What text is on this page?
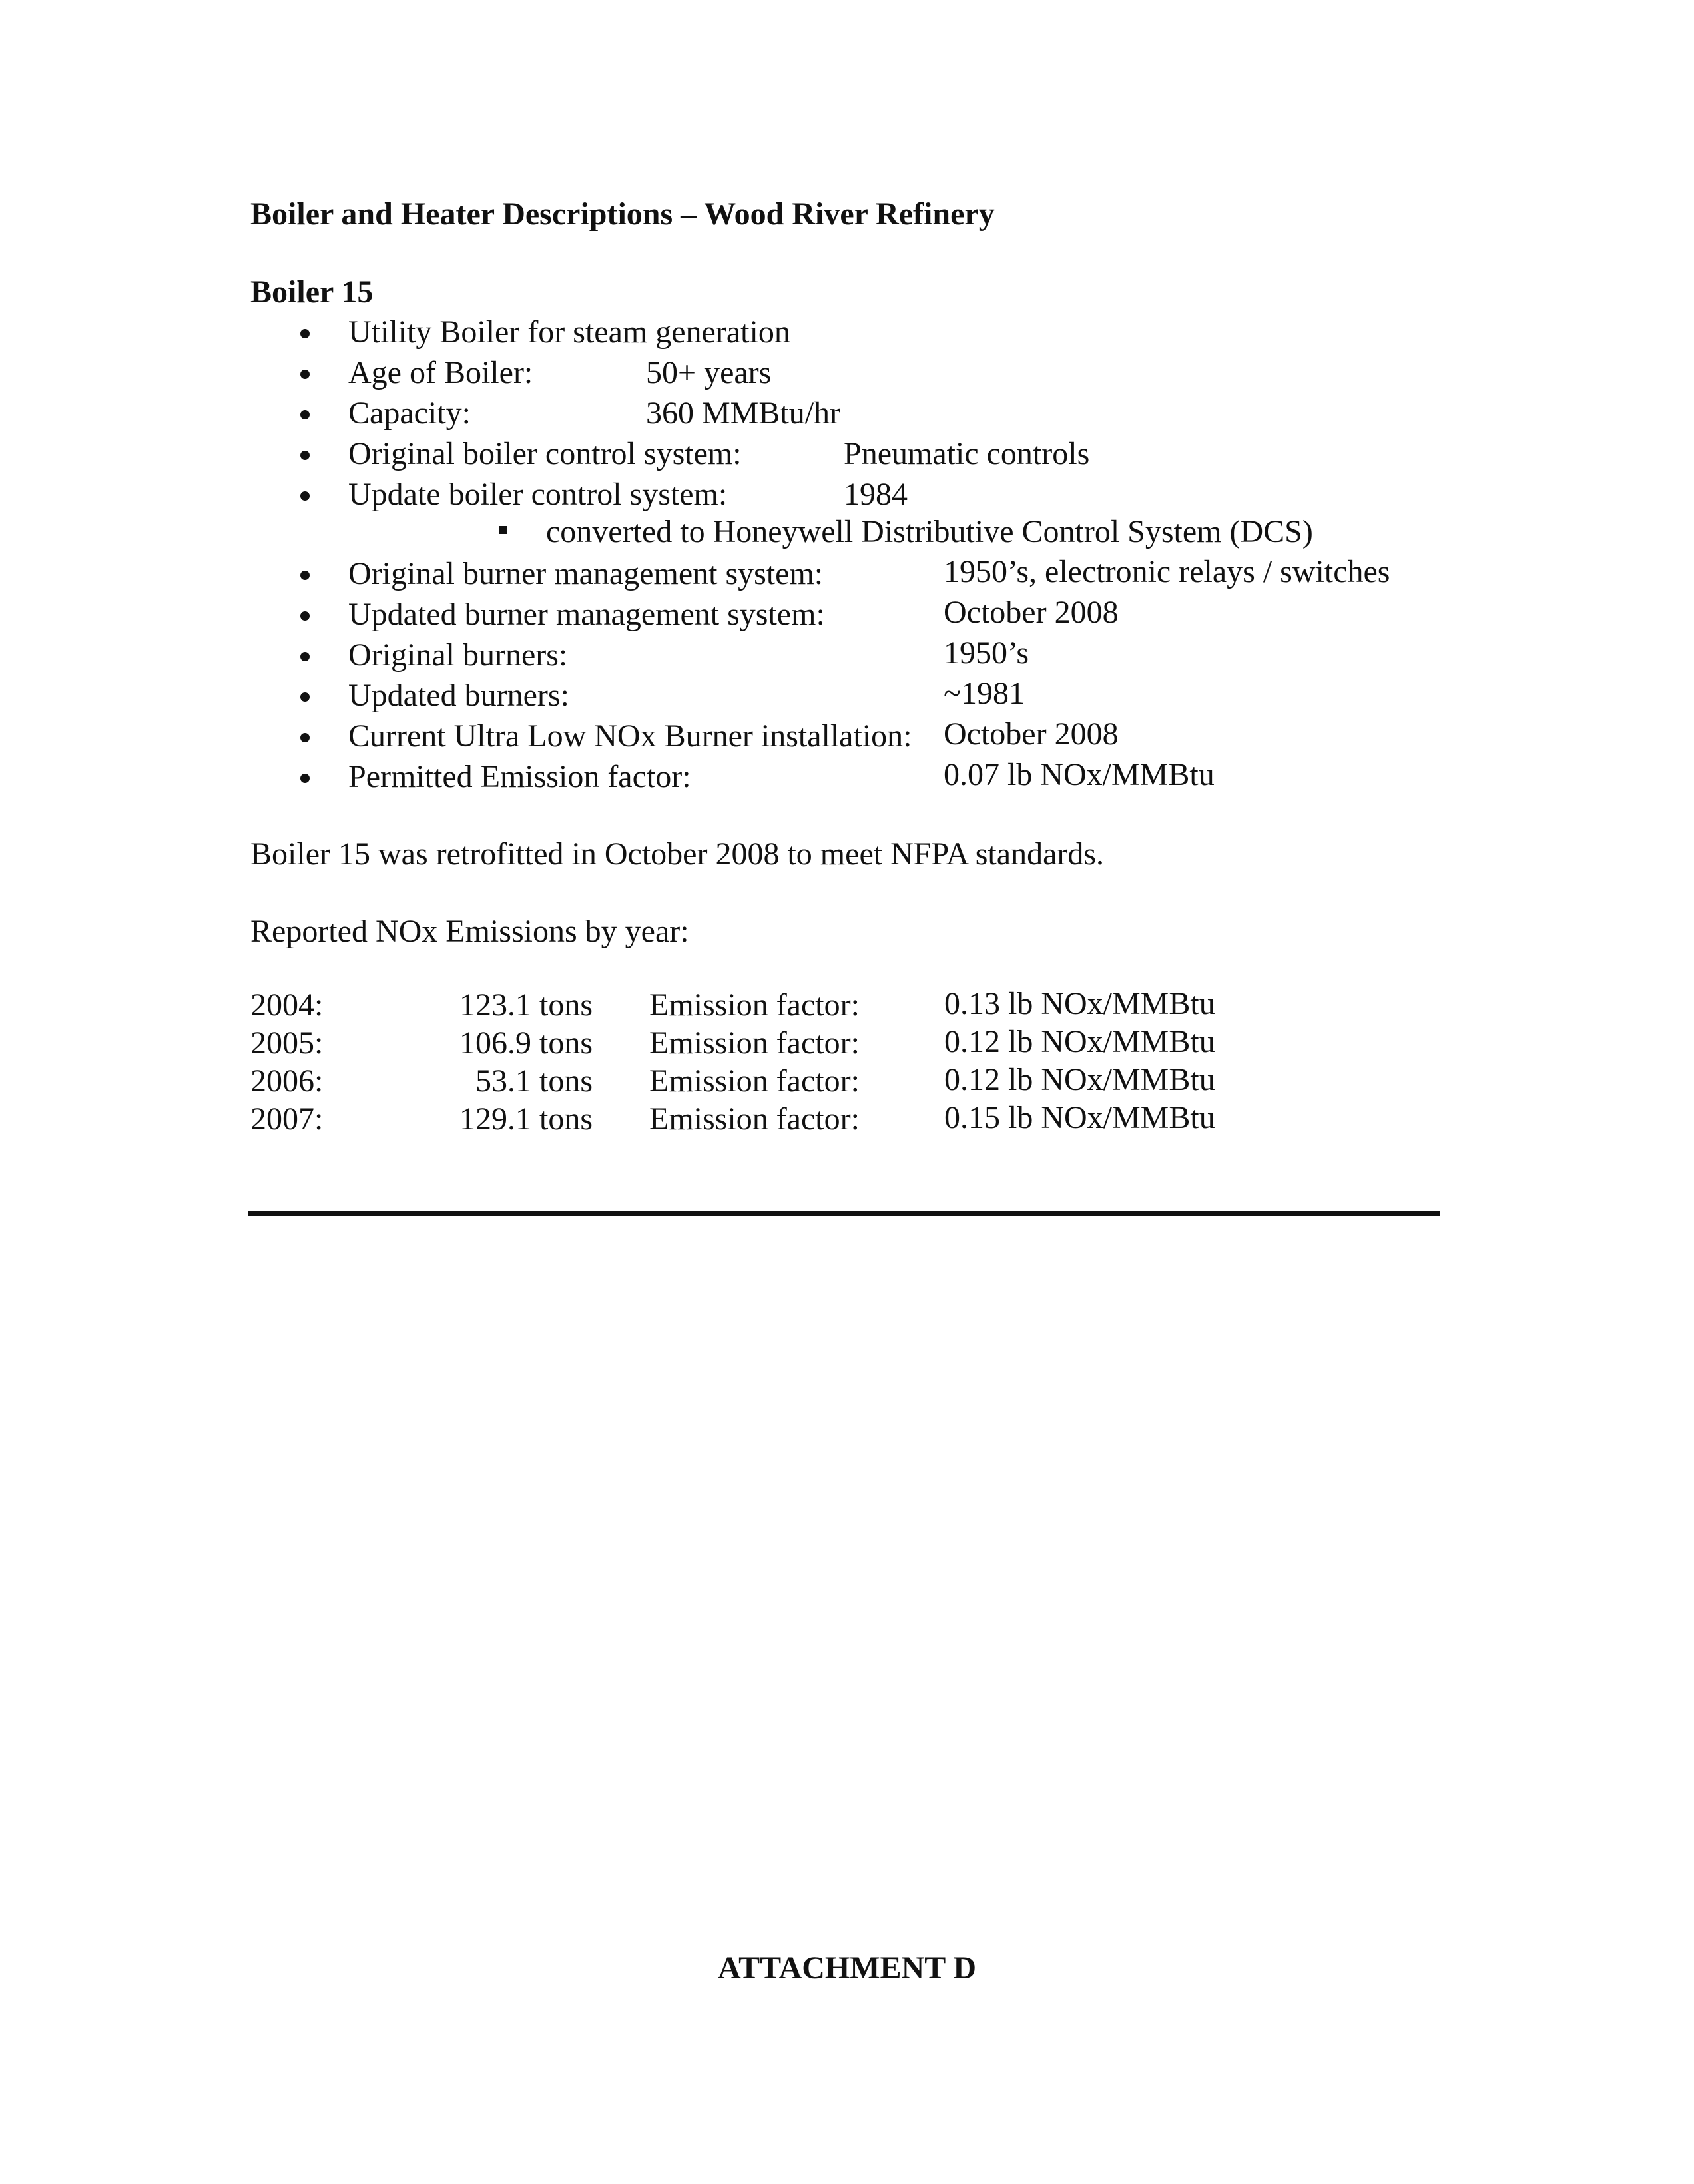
Boiler and Heater Descriptions – Wood River Refinery
Boiler 15
Utility Boiler for steam generation
Age of Boiler:	50+ years
Capacity:	360 MMBtu/hr
Original boiler control system:	Pneumatic controls
Update boiler control system:	1984
converted to Honeywell Distributive Control System (DCS)
Original burner management system:	1950’s, electronic relays / switches
Updated burner management system:	October 2008
Original burners:	1950’s
Updated burners:	~1981
Current Ultra Low NOx Burner installation: October 2008
Permitted Emission factor:	0.07 lb NOx/MMBtu
Boiler 15 was retrofitted in October 2008 to meet NFPA standards.
Reported NOx Emissions by year:
2004:	123.1 tons Emission factor:	0.13 lb NOx/MMBtu
2005:	106.9 tons Emission factor:	0.12 lb NOx/MMBtu
2006:	53.1 tons Emission factor:	0.12 lb NOx/MMBtu
2007:	129.1 tons Emission factor:	0.15 lb NOx/MMBtu
ATTACHMENT D
